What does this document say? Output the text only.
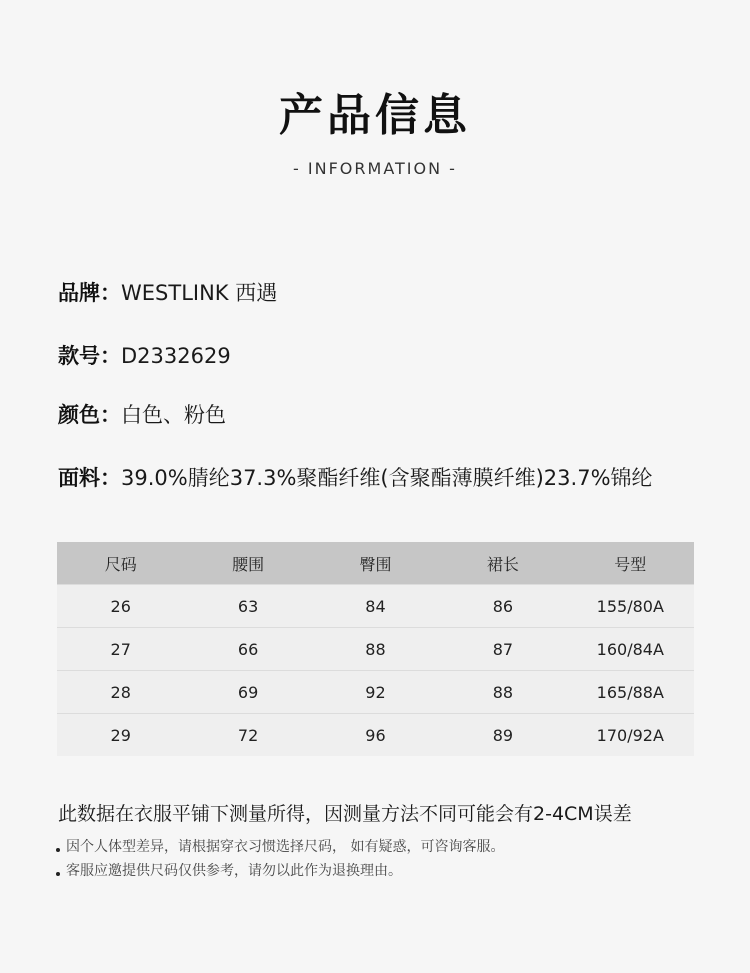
产品信息
- INFORMATION -
品牌：WESTLINK 西遇
款号：D2332629
颜色：白色、粉色
面料：39.0%腈纶37.3%聚酯纤维(含聚酯薄膜纤维)23.7%锦纶
尺码	腰围	臀围	裙长	号型
26	63	84	86	155/80A
27	66	88	87	160/84A
28	69	92	88	165/88A
29	72	96	89	170/92A
此数据在衣服平铺下测量所得，因测量方法不同可能会有2-4CM误差
因个人体型差异，请根据穿衣习惯选择尺码， 如有疑惑，可咨询客服。
客服应邀提供尺码仅供参考，请勿以此作为退换理由。
